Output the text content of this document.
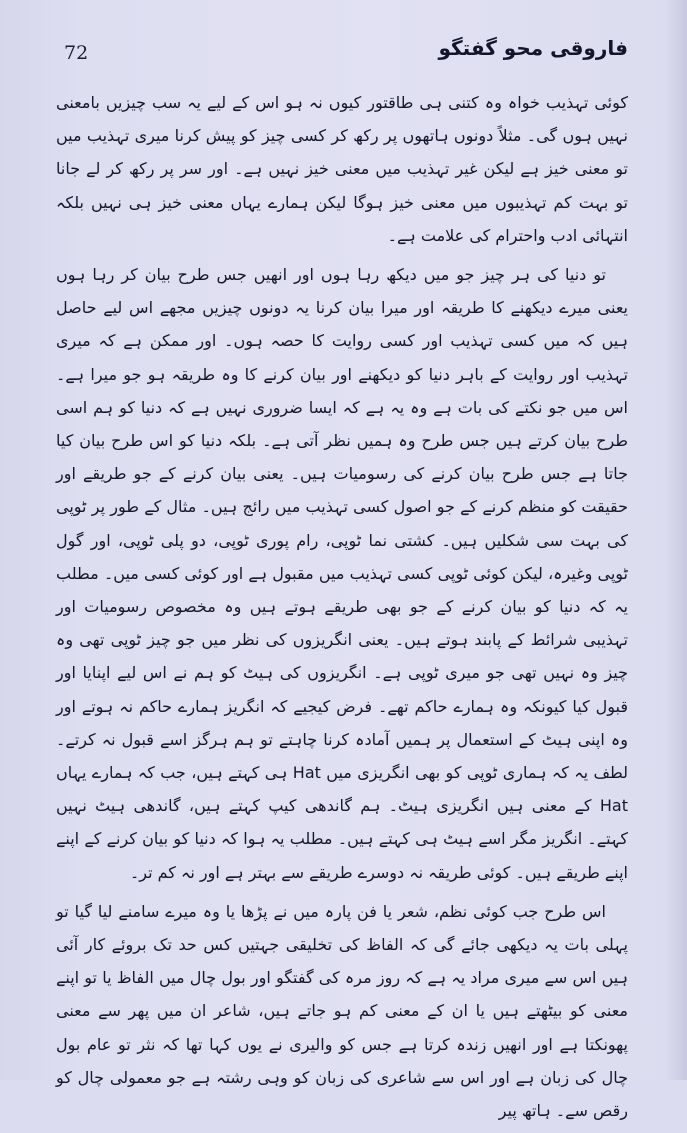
72	فاروقی محو گفتگو

کوئی تہذیب خواہ وہ کتنی ہی طاقتور کیوں نہ ہو اس کے لیے یہ سب چیزیں بامعنی نہیں ہوں گی۔ مثلاً دونوں ہاتھوں پر رکھ کر کسی چیز کو پیش کرنا میری تہذیب میں تو معنی خیز ہے لیکن غیر تہذیب میں معنی خیز نہیں ہے۔ اور سر پر رکھ کر لے جانا تو بہت کم تہذیبوں میں معنی خیز ہوگا لیکن ہمارے یہاں معنی خیز ہی نہیں بلکہ انتہائی ادب واحترام کی علامت ہے۔

تو دنیا کی ہر چیز جو میں دیکھ رہا ہوں اور انھیں جس طرح بیان کر رہا ہوں یعنی میرے دیکھنے کا طریقہ اور میرا بیان کرنا یہ دونوں چیزیں مجھے اس لیے حاصل ہیں کہ میں کسی تہذیب اور کسی روایت کا حصہ ہوں۔ اور ممکن ہے کہ میری تہذیب اور روایت کے باہر دنیا کو دیکھنے اور بیان کرنے کا وہ طریقہ ہو جو میرا ہے۔ اس میں جو نکتے کی بات ہے وہ یہ ہے کہ ایسا ضروری نہیں ہے کہ دنیا کو ہم اسی طرح بیان کرتے ہیں جس طرح وہ ہمیں نظر آتی ہے۔ بلکہ دنیا کو اس طرح بیان کیا جاتا ہے جس طرح بیان کرنے کی رسومیات ہیں۔ یعنی بیان کرنے کے جو طریقے اور حقیقت کو منظم کرنے کے جو اصول کسی تہذیب میں رائج ہیں۔ مثال کے طور پر ٹوپی کی بہت سی شکلیں ہیں۔ کشتی نما ٹوپی، رام پوری ٹوپی، دو پلی ٹوپی، اور گول ٹوپی وغیرہ، لیکن کوئی ٹوپی کسی تہذیب میں مقبول ہے اور کوئی کسی میں۔ مطلب یہ کہ دنیا کو بیان کرنے کے جو بھی طریقے ہوتے ہیں وہ مخصوص رسومیات اور تہذیبی شرائط کے پابند ہوتے ہیں۔ یعنی انگریزوں کی نظر میں جو چیز ٹوپی تھی وہ چیز وہ نہیں تھی جو میری ٹوپی ہے۔ انگریزوں کی ہیٹ کو ہم نے اس لیے اپنایا اور قبول کیا کیونکہ وہ ہمارے حاکم تھے۔ فرض کیجیے کہ انگریز ہمارے حاکم نہ ہوتے اور وہ اپنی ہیٹ کے استعمال پر ہمیں آمادہ کرنا چاہتے تو ہم ہرگز اسے قبول نہ کرتے۔ لطف یہ کہ ہماری ٹوپی کو بھی انگریزی میں Hat ہی کہتے ہیں، جب کہ ہمارے یہاں Hat کے معنی ہیں انگریزی ہیٹ۔ ہم گاندھی کیپ کہتے ہیں، گاندھی ہیٹ نہیں کہتے۔ انگریز مگر اسے ہیٹ ہی کہتے ہیں۔ مطلب یہ ہوا کہ دنیا کو بیان کرنے کے اپنے اپنے طریقے ہیں۔ کوئی طریقہ نہ دوسرے طریقے سے بہتر ہے اور نہ کم تر۔

اس طرح جب کوئی نظم، شعر یا فن پارہ میں نے پڑھا یا وہ میرے سامنے لیا گیا تو پہلی بات یہ دیکھی جائے گی کہ الفاظ کی تخلیقی جہتیں کس حد تک بروئے کار آئی ہیں اس سے میری مراد یہ ہے کہ روز مرہ کی گفتگو اور بول چال میں الفاظ یا تو اپنے معنی کو بیٹھتے ہیں یا ان کے معنی کم ہو جاتے ہیں، شاعر ان میں پھر سے معنی پھونکتا ہے اور انھیں زندہ کرتا ہے جس کو والیری نے یوں کہا تھا کہ نثر تو عام بول چال کی زبان ہے اور اس سے شاعری کی زبان کو وہی رشتہ ہے جو معمولی چال کو رقص سے۔ ہاتھ پیر
